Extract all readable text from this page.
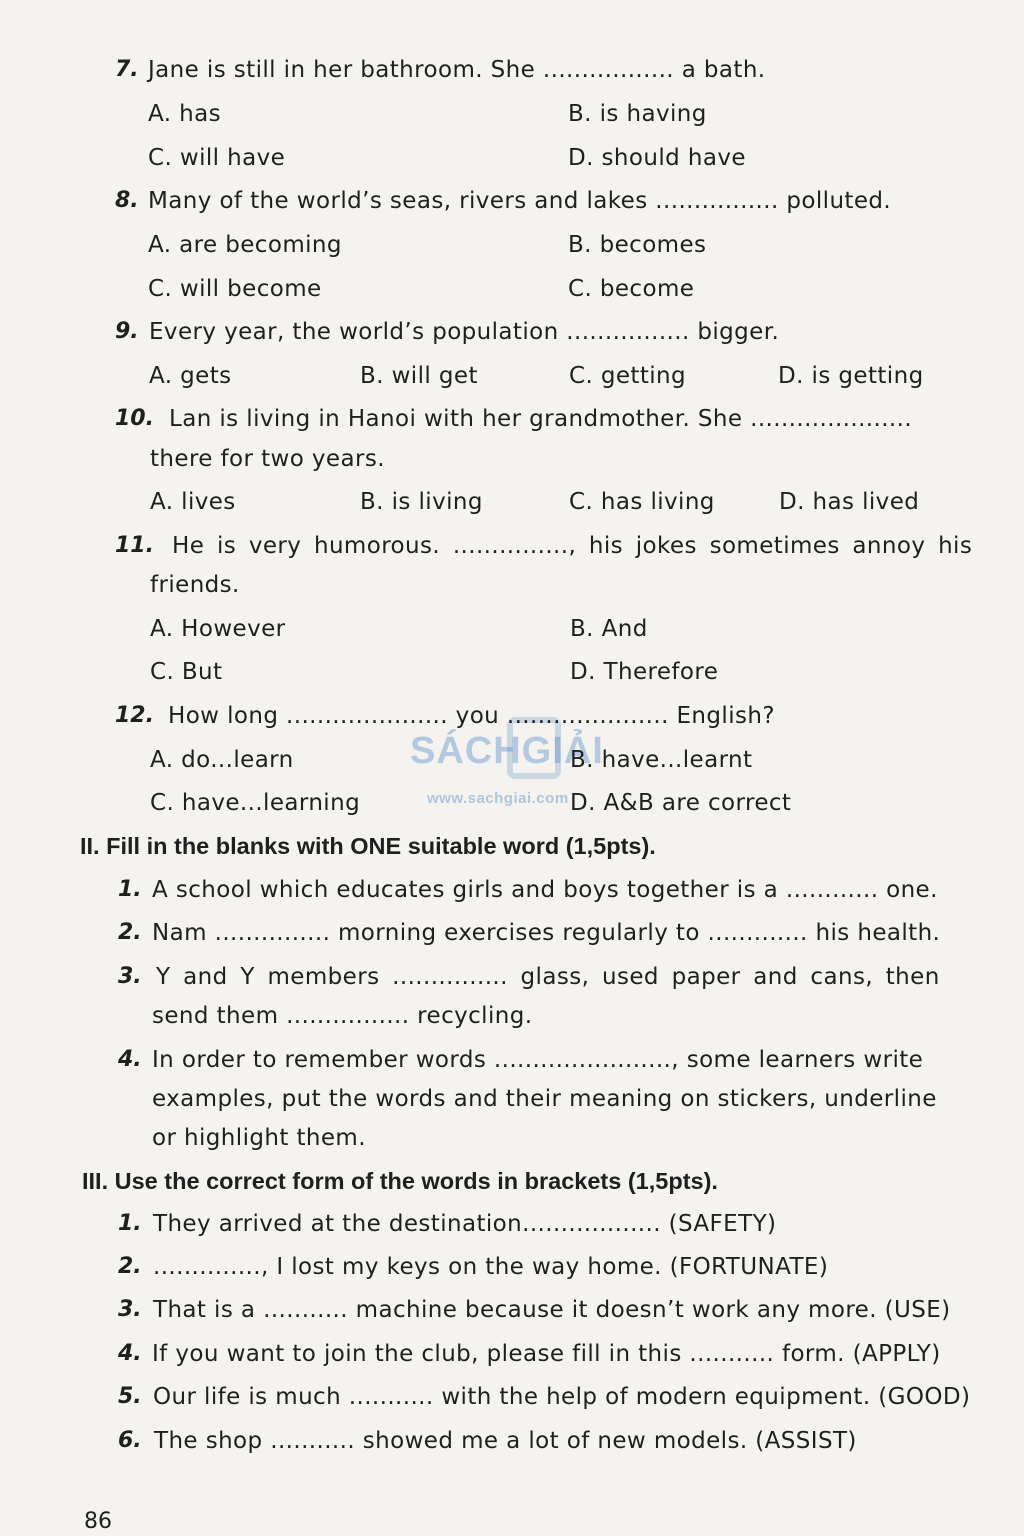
SÁCHGIẢI
www.sachgiai.com
7. Jane is still in her bathroom. She ................. a bath.
A. has	B. is having
C. will have	D. should have
8. Many of the world’s seas, rivers and lakes ................ polluted.
A. are becoming	B. becomes
C. will become	C. become
9. Every year, the world’s population ................ bigger.
A. gets	B. will get	C. getting	D. is getting
10. Lan is living in Hanoi with her grandmother. She .....................
there for two years.
A. lives	B. is living	C. has living	D. has lived
11. He is very humorous. ..............., his jokes sometimes annoy his
friends.
A. However	B. And
C. But	D. Therefore
12. How long ..................... you ..................... English?
A. do...learn	B. have...learnt
C. have...learning	D. A&B are correct
II. Fill in the blanks with ONE suitable word (1,5pts).
1. A school which educates girls and boys together is a ............ one.
2. Nam ............... morning exercises regularly to ............. his health.
3. Y and Y members ............... glass, used paper and cans, then
send them ................ recycling.
4. In order to remember words ......................., some learners write
examples, put the words and their meaning on stickers, underline
or highlight them.
III. Use the correct form of the words in brackets (1,5pts).
1. They arrived at the destination.................. (SAFETY)
2. .............., I lost my keys on the way home. (FORTUNATE)
3. That is a ........... machine because it doesn’t work any more. (USE)
4. If you want to join the club, please fill in this ........... form. (APPLY)
5. Our life is much ........... with the help of modern equipment. (GOOD)
6. The shop ........... showed me a lot of new models. (ASSIST)
86
